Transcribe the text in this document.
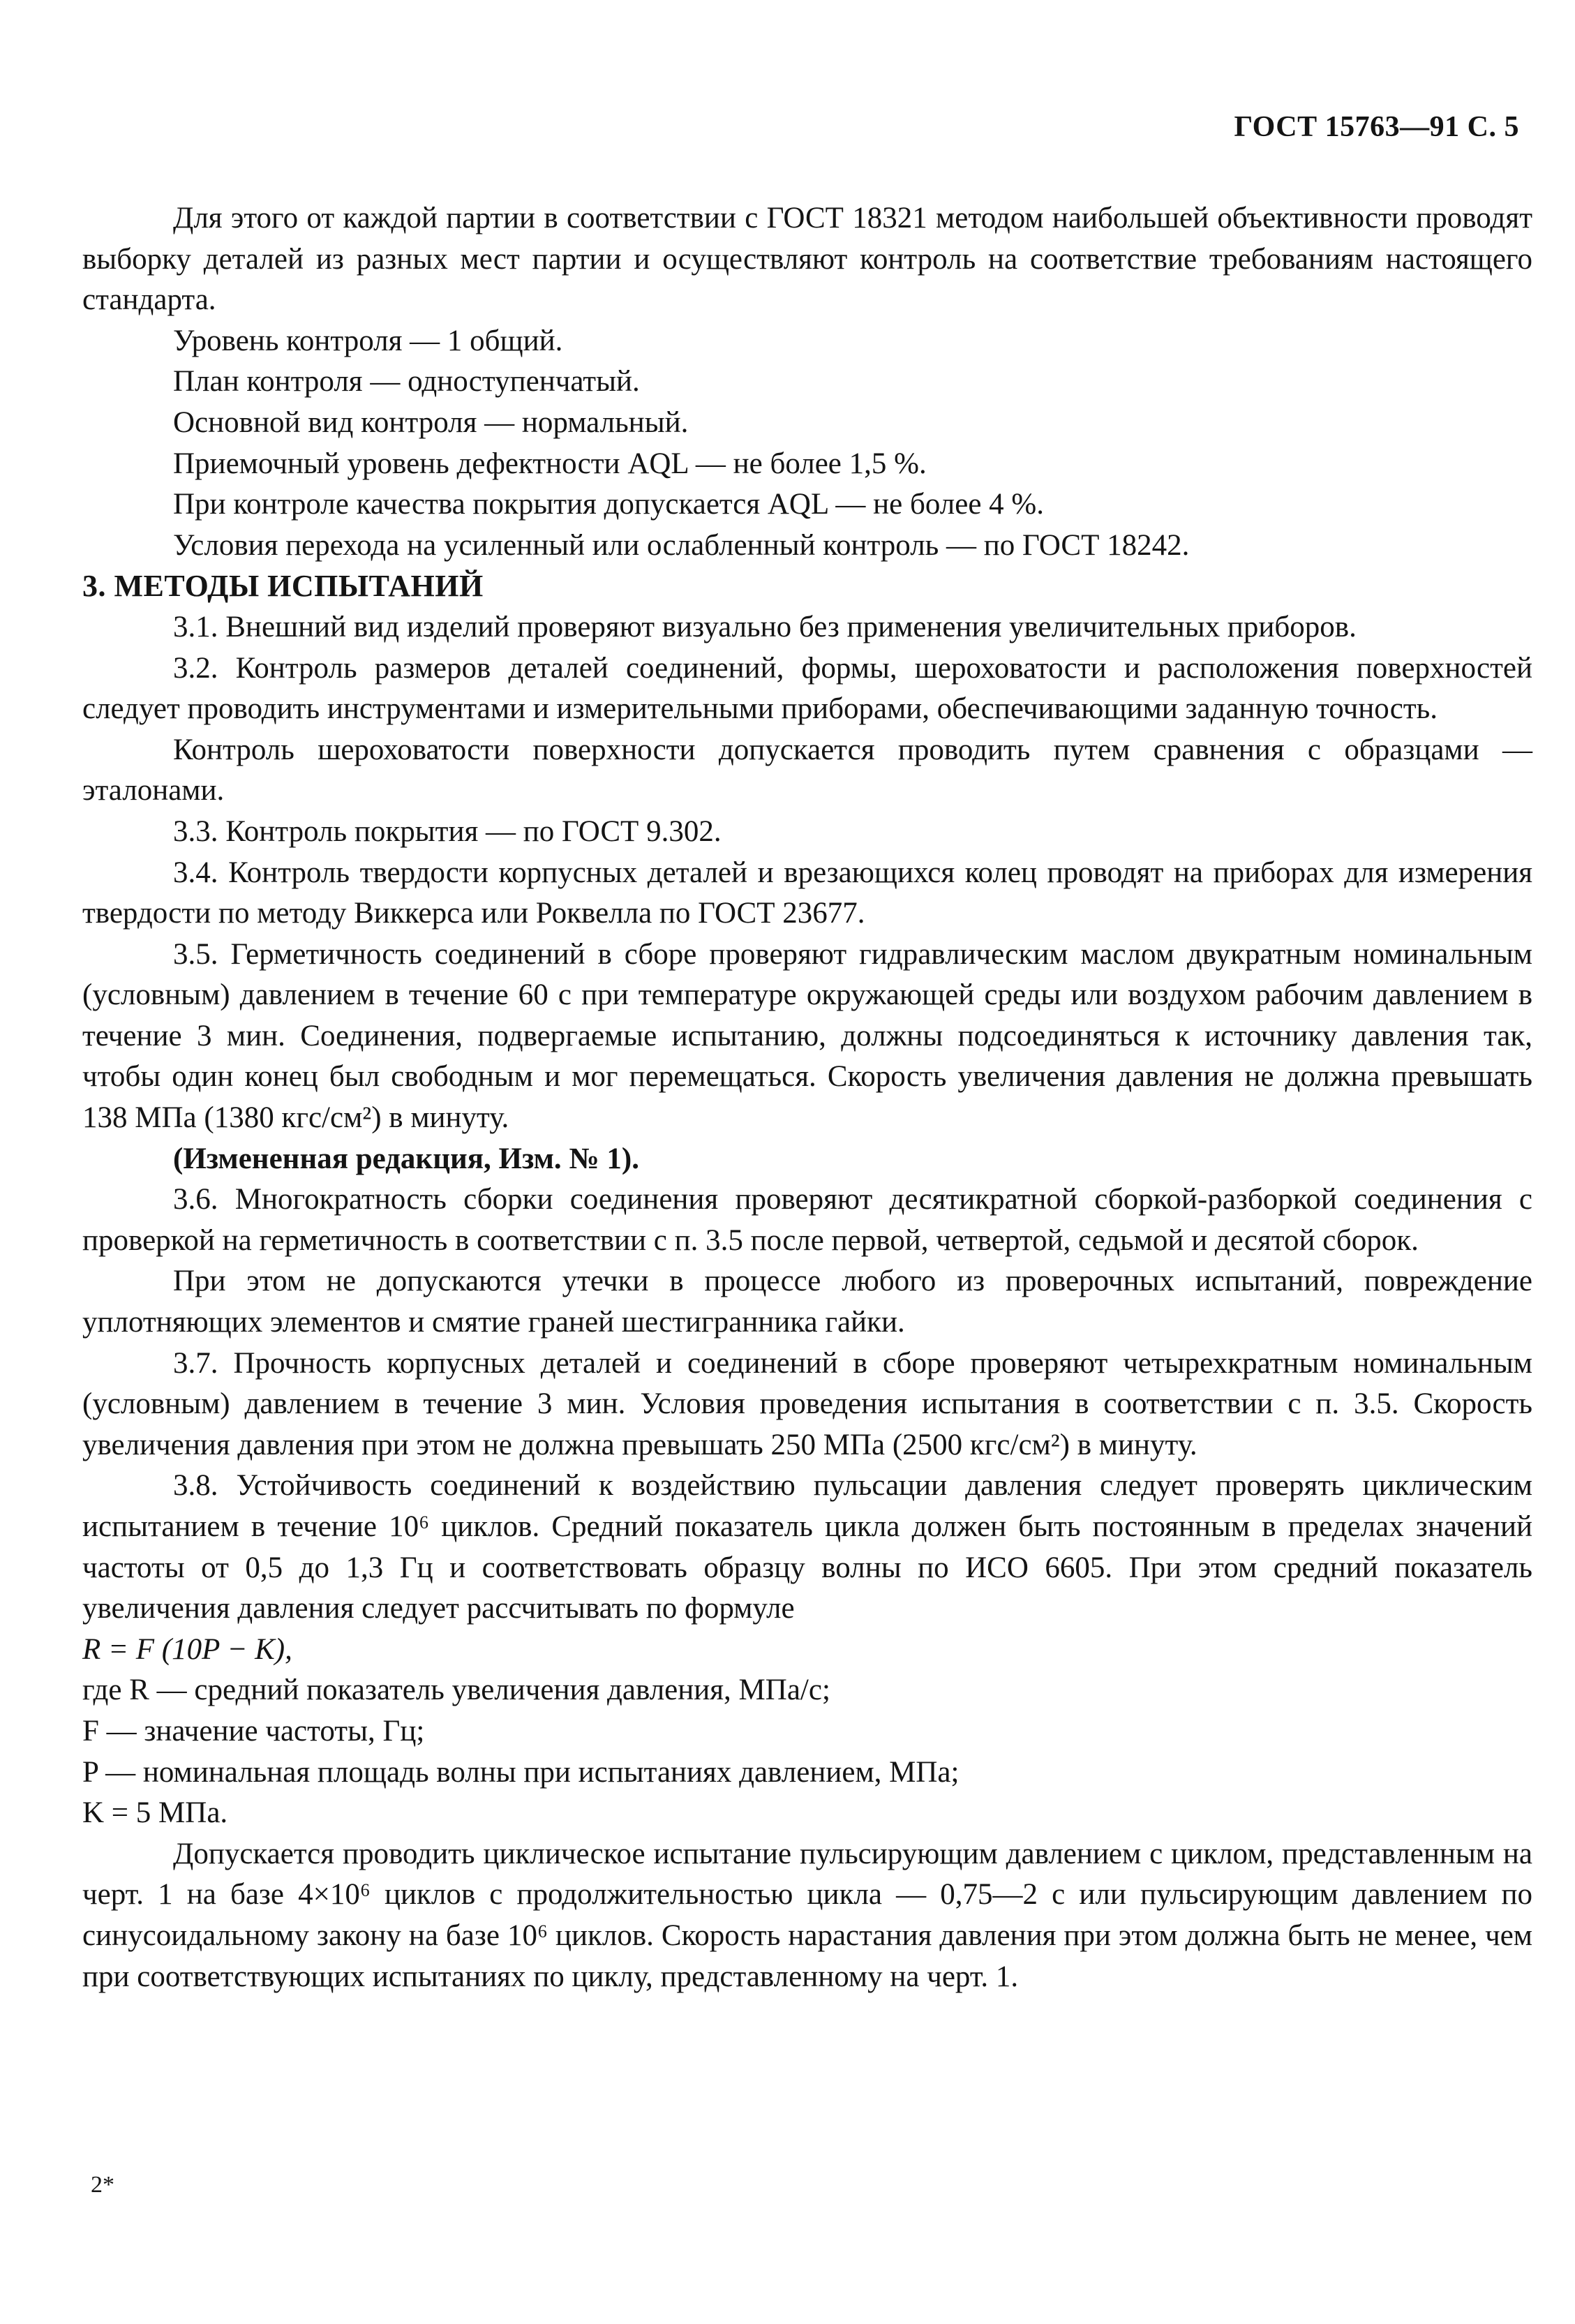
ГОСТ 15763—91 С. 5

Для этого от каждой партии в соответствии с ГОСТ 18321 методом наибольшей объективности проводят выборку деталей из разных мест партии и осуществляют контроль на соответствие требованиям настоящего стандарта.

Уровень контроля — 1 общий.

План контроля — одноступенчатый.

Основной вид контроля — нормальный.

Приемочный уровень дефектности AQL — не более 1,5 %.

При контроле качества покрытия допускается AQL — не более 4 %.

Условия перехода на усиленный или ослабленный контроль — по ГОСТ 18242.

3. МЕТОДЫ ИСПЫТАНИЙ

3.1. Внешний вид изделий проверяют визуально без применения увеличительных приборов.

3.2. Контроль размеров деталей соединений, формы, шероховатости и расположения поверхностей следует проводить инструментами и измерительными приборами, обеспечивающими заданную точность.

Контроль шероховатости поверхности допускается проводить путем сравнения с образцами — эталонами.

3.3. Контроль покрытия — по ГОСТ 9.302.

3.4. Контроль твердости корпусных деталей и врезающихся колец проводят на приборах для измерения твердости по методу Виккерса или Роквелла по ГОСТ 23677.

3.5. Герметичность соединений в сборе проверяют гидравлическим маслом двукратным номинальным (условным) давлением в течение 60 с при температуре окружающей среды или воздухом рабочим давлением в течение 3 мин. Соединения, подвергаемые испытанию, должны подсоединяться к источнику давления так, чтобы один конец был свободным и мог перемещаться. Скорость увеличения давления не должна превышать 138 МПа (1380 кгс/см²) в минуту.

(Измененная редакция, Изм. № 1).

3.6. Многократность сборки соединения проверяют десятикратной сборкой-разборкой соединения с проверкой на герметичность в соответствии с п. 3.5 после первой, четвертой, седьмой и десятой сборок.

При этом не допускаются утечки в процессе любого из проверочных испытаний, повреждение уплотняющих элементов и смятие граней шестигранника гайки.

3.7. Прочность корпусных деталей и соединений в сборе проверяют четырехкратным номинальным (условным) давлением в течение 3 мин. Условия проведения испытания в соответствии с п. 3.5. Скорость увеличения давления при этом не должна превышать 250 МПа (2500 кгс/см²) в минуту.

3.8. Устойчивость соединений к воздействию пульсации давления следует проверять циклическим испытанием в течение 10⁶ циклов. Средний показатель цикла должен быть постоянным в пределах значений частоты от 0,5 до 1,3 Гц и соответствовать образцу волны по ИСО 6605. При этом средний показатель увеличения давления следует рассчитывать по формуле

R = F (10P − K),

где R — средний показатель увеличения давления, МПа/с;

F — значение частоты, Гц;

P — номинальная площадь волны при испытаниях давлением, МПа;

K = 5 МПа.

Допускается проводить циклическое испытание пульсирующим давлением с циклом, представленным на черт. 1 на базе 4×10⁶ циклов с продолжительностью цикла — 0,75—2 с или пульсирующим давлением по синусоидальному закону на базе 10⁶ циклов. Скорость нарастания давления при этом должна быть не менее, чем при соответствующих испытаниях по циклу, представленному на черт. 1.

2*
